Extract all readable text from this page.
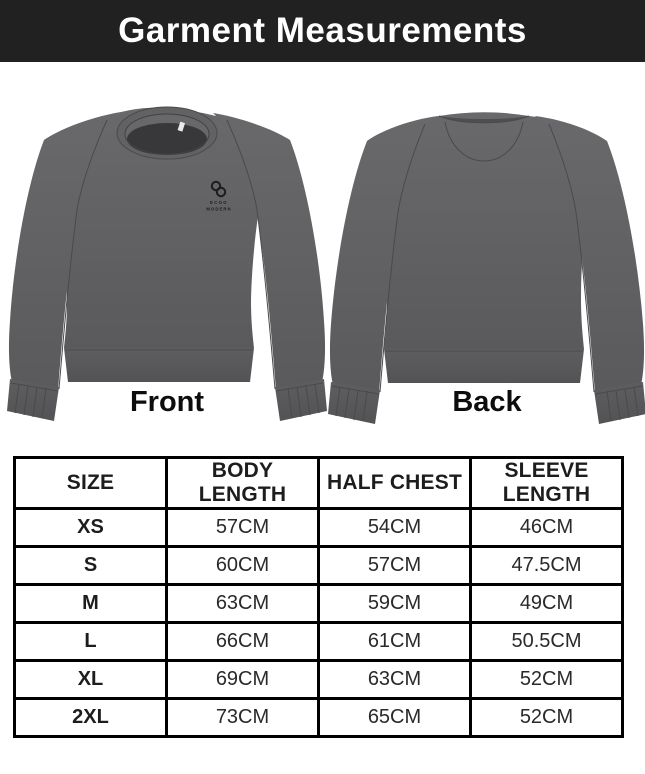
Garment Measurements
ECOO
MODERN
Front	Back
SIZE	BODY LENGTH	HALF CHEST	SLEEVE LENGTH
XS	57CM	54CM	46CM
S	60CM	57CM	47.5CM
M	63CM	59CM	49CM
L	66CM	61CM	50.5CM
XL	69CM	63CM	52CM
2XL	73CM	65CM	52CM
